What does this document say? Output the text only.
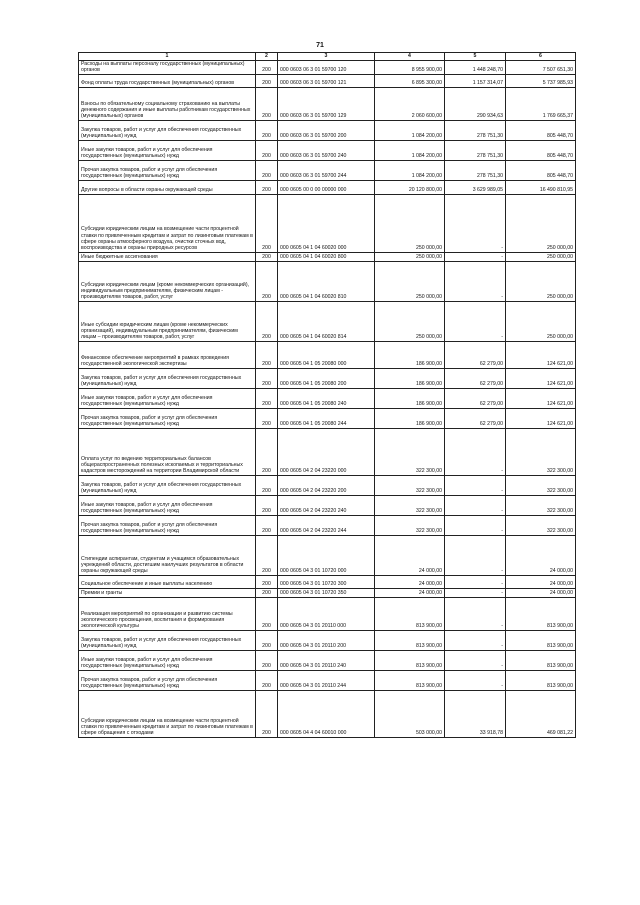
71
1	2	3	4	5	6
Расходы на выплаты персоналу государственных (муниципальных) органов	200	000 0603 06 3 01 59700 120	8 955 900,00	1 448 248,70	7 507 651,30
Фонд оплаты труда государственных (муниципальных) органов	200	000 0603 06 3 01 59700 121	6 895 300,00	1 157 314,07	5 737 985,93
Взносы по обязательному социальному страхованию на выплаты денежного содержания и иные выплаты работникам государственных (муниципальных) органов	200	000 0603 06 3 01 59700 129	2 060 600,00	290 934,63	1 769 665,37
Закупка товаров, работ и услуг для обеспечения государственных (муниципальных) нужд	200	000 0603 06 3 01 59700 200	1 084 200,00	278 751,30	805 448,70
Иные закупки товаров, работ и услуг для обеспечения государственных (муниципальных) нужд	200	000 0603 06 3 01 59700 240	1 084 200,00	278 751,30	805 448,70
Прочая закупка товаров, работ и услуг для обеспечения государственных (муниципальных) нужд	200	000 0603 06 3 01 59700 244	1 084 200,00	278 751,30	805 448,70
Другие вопросы в области охраны окружающей среды	200	000 0605 00 0 00 00000 000	20 120 800,00	3 629 989,05	16 490 810,95
Субсидии юридическим лицам на возмещение части процентной ставки по привлеченным кредитам и затрат по лизинговым платежам в сфере охраны атмосферного воздуха, очистки сточных вод, воспроизводства и охраны природных ресурсов	200	000 0605 04 1 04 60020 000	250 000,00	-	250 000,00
Иные бюджетные ассигнования	200	000 0605 04 1 04 60020 800	250 000,00	-	250 000,00
Субсидии юридическим лицам (кроме некоммерческих организаций), индивидуальным предпринимателям, физическим лицам - производителям товаров, работ, услуг	200	000 0605 04 1 04 60020 810	250 000,00	-	250 000,00
Иные субсидии юридическим лицам (кроме некоммерческих организаций), индивидуальным предпринимателям, физическим лицам – производителям товаров, работ, услуг	200	000 0605 04 1 04 60020 814	250 000,00	-	250 000,00
Финансовое обеспечение мероприятий в рамках проведения государственной экологической экспертизы	200	000 0605 04 1 05 20080 000	186 900,00	62 279,00	124 621,00
Закупка товаров, работ и услуг для обеспечения государственных (муниципальных) нужд	200	000 0605 04 1 05 20080 200	186 900,00	62 279,00	124 621,00
Иные закупки товаров, работ и услуг для обеспечения государственных (муниципальных) нужд	200	000 0605 04 1 05 20080 240	186 900,00	62 279,00	124 621,00
Прочая закупка товаров, работ и услуг для обеспечения государственных (муниципальных) нужд	200	000 0605 04 1 05 20080 244	186 900,00	62 279,00	124 621,00
Оплата услуг по ведению территориальных балансов общераспространенных полезных ископаемых и территориальных кадастров месторождений на территории Владимирской области	200	000 0605 04 2 04 23220 000	322 300,00	-	322 300,00
Закупка товаров, работ и услуг для обеспечения государственных (муниципальных) нужд	200	000 0605 04 2 04 23220 200	322 300,00	-	322 300,00
Иные закупки товаров, работ и услуг для обеспечения государственных (муниципальных) нужд	200	000 0605 04 2 04 23220 240	322 300,00	-	322 300,00
Прочая закупка товаров, работ и услуг для обеспечения государственных (муниципальных) нужд	200	000 0605 04 2 04 23220 244	322 300,00	-	322 300,00
Стипендии аспирантам, студентам и учащимся образовательных учреждений области, достигшим наилучших результатов в области охраны окружающей среды	200	000 0605 04 3 01 10720 000	24 000,00	-	24 000,00
Социальное обеспечение и иные выплаты населению	200	000 0605 04 3 01 10720 300	24 000,00	-	24 000,00
Премии и гранты	200	000 0605 04 3 01 10720 350	24 000,00	-	24 000,00
Реализация мероприятий по организации и развитию системы экологического просвещения, воспитания и формирования экологической культуры	200	000 0605 04 3 01 20110 000	813 900,00	-	813 900,00
Закупка товаров, работ и услуг для обеспечения государственных (муниципальных) нужд	200	000 0605 04 3 01 20110 200	813 900,00	-	813 900,00
Иные закупки товаров, работ и услуг для обеспечения государственных (муниципальных) нужд	200	000 0605 04 3 01 20110 240	813 900,00	-	813 900,00
Прочая закупка товаров, работ и услуг для обеспечения государственных (муниципальных) нужд	200	000 0605 04 3 01 20110 244	813 900,00	-	813 900,00
Субсидии юридическим лицам на возмещение части процентной ставки по привлеченным кредитам и затрат по лизинговым платежам в сфере обращения с отходами	200	000 0605 04 4 04 60010 000	503 000,00	33 918,78	469 081,22
